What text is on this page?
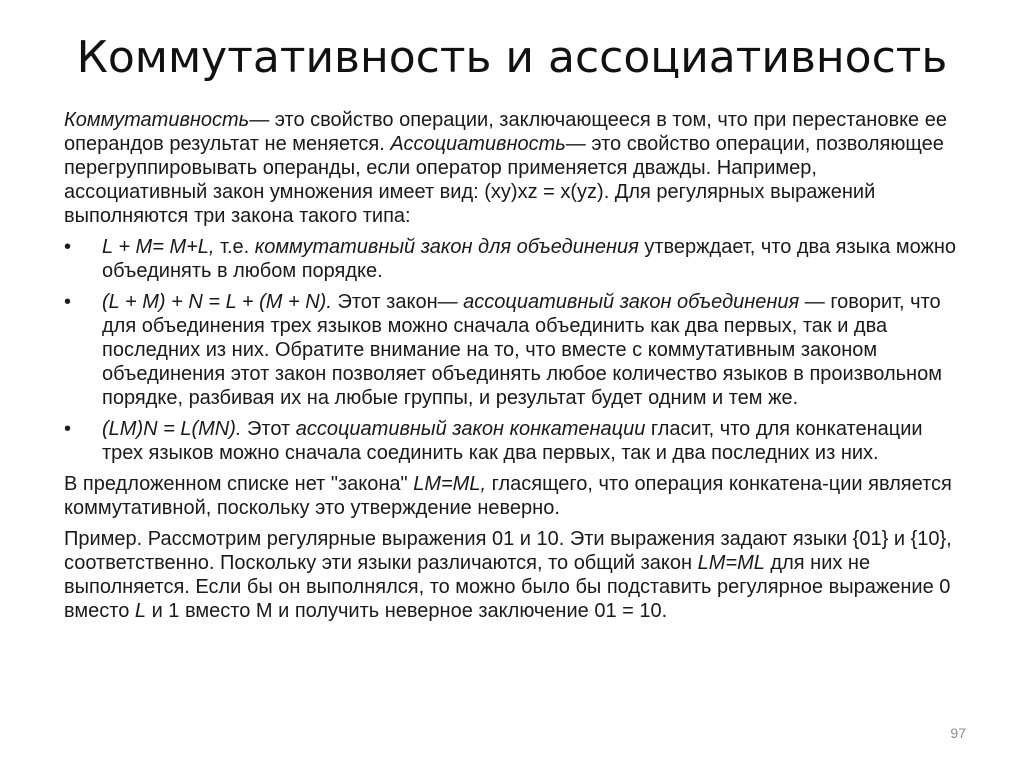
Коммутативность и ассоциативность

Коммутативность— это свойство операции, заключающееся в том, что при перестановке ее операндов результат не меняется. Ассоциативность— это свойство операции, позволяющее перегруппировывать операнды, если оператор применяется дважды. Например, ассоциативный закон умножения имеет вид: (xy)xz = x(yz). Для регулярных выражений выполняются три закона такого типа:

•	L + M= M+L, т.е. коммутативный закон для объединения утверждает, что два языка можно объединять в любом порядке.
•	(L + M) + N = L + (M + N). Этот закон— ассоциативный закон объединения — говорит, что для объединения трех языков можно сначала объединить как два первых, так и два последних из них. Обратите внимание на то, что вместе с коммутативным законом объединения этот закон позволяет объединять любое количество языков в произвольном порядке, разбивая их на любые группы, и результат будет одним и тем же.
•	(LM)N = L(MN). Этот ассоциативный закон конкатенации гласит, что для конкатенации трех языков можно сначала соединить как два первых, так и два последних из них.

В предложенном списке нет "закона" LM=ML, гласящего, что операция конкатена-ции является коммутативной, поскольку это утверждение неверно.

Пример. Рассмотрим регулярные выражения 01 и 10. Эти выражения задают языки {01} и {10}, соответственно. Поскольку эти языки различаются, то общий закон LM=ML для них не выполняется. Если бы он выполнялся, то можно было бы подставить регулярное выражение 0 вместо L и 1 вместо М и получить неверное заключение 01 = 10.

97
